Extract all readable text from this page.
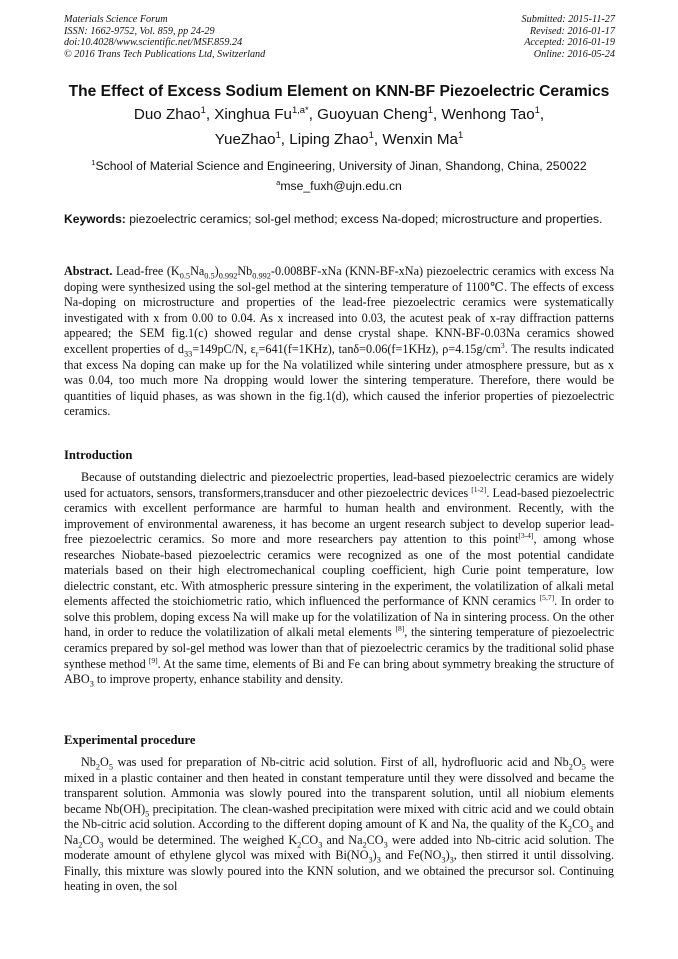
Materials Science Forum
ISSN: 1662-9752, Vol. 859, pp 24-29
doi:10.4028/www.scientific.net/MSF.859.24
© 2016 Trans Tech Publications Ltd, Switzerland
Submitted: 2015-11-27
Revised: 2016-01-17
Accepted: 2016-01-19
Online: 2016-05-24
The Effect of Excess Sodium Element on KNN-BF Piezoelectric Ceramics
Duo Zhao$^1$, Xinghua $Fu^{1,a*}$, Guoyuan Cheng$^1$, Wenhong Tao$^1$,
YueZhao$^1$, Liping Zhao$^1$, Wenxin Ma$^1$
$^1$School of Material Science and Engineering, University of Jinan, Shandong, China, 250022
$^a$mse_fuxh@ujn.edu.cn
Keywords: piezoelectric ceramics; sol-gel method; excess Na-doped; microstructure and properties.
Abstract. Lead-free $(K_{0.5}Na_{0.5})_{0.992}Nb_{0.992}-0.008BF$-xNa (KNN-BF-xNa) piezoelectric ceramics with excess Na doping were synthesized using the sol-gel method at the sintering temperature of 1100℃. The effects of excess Na-doping on microstructure and properties of the lead-free piezoelectric ceramics were systematically investigated with x from 0.00 to 0.04. As x increased into 0.03, the acutest peak of x-ray diffraction patterns appeared; the SEM fig.1(c) showed regular and dense crystal shape. KNN-BF-0.03Na ceramics showed excellent properties of $d_{33}=149pC/N$, $\varepsilon_r=641(f=1KHz)$, tanδ=0.06(f=1KHz), $\rho=4.15g/cm^3$. The results indicated that excess Na doping can make up for the Na volatilized while sintering under atmosphere pressure, but as x was 0.04, too much more Na dropping would lower the sintering temperature. Therefore, there would be quantities of liquid phases, as was shown in the fig.1(d), which caused the inferior properties of piezoelectric ceramics.
Introduction
Because of outstanding dielectric and piezoelectric properties, lead-based piezoelectric ceramics are widely used for actuators, sensors, transformers,transducer and other piezoelectric devices [1-2]. Lead-based piezoelectric ceramics with excellent performance are harmful to human health and environment. Recently, with the improvement of environmental awareness, it has become an urgent research subject to develop superior lead-free piezoelectric ceramics. So more and more researchers pay attention to this point[3-4], among whose researches Niobate-based piezoelectric ceramics were recognized as one of the most potential candidate materials based on their high electromechanical coupling coefficient, high Curie point temperature, low dielectric constant, etc. With atmospheric pressure sintering in the experiment, the volatilization of alkali metal elements affected the stoichiometric ratio, which influenced the performance of KNN ceramics [5,7]. In order to solve this problem, doping excess Na will make up for the volatilization of Na in sintering process. On the other hand, in order to reduce the volatilization of alkali metal elements [8], the sintering temperature of piezoelectric ceramics prepared by sol-gel method was lower than that of piezoelectric ceramics by the traditional solid phase synthese method [9]. At the same time, elements of Bi and Fe can bring about symmetry breaking the structure of $ABO_3$ to improve property, enhance stability and density.
Experimental procedure
$Nb_2O_5$ was used for preparation of Nb-citric acid solution. First of all, hydrofluoric acid and $Nb_2O_5$ were mixed in a plastic container and then heated in constant temperature until they were dissolved and became the transparent solution. Ammonia was slowly poured into the transparent solution, until all niobium elements became $Nb(OH)_5$ precipitation. The clean-washed precipitation were mixed with citric acid and we could obtain the Nb-citric acid solution. According to the different doping amount of K and Na, the quality of the $K_2CO_3$ and $Na_2CO_3$ would be determined. The weighed $K_2CO_3$ and $Na_2CO_3$ were added into Nb-citric acid solution. The moderate amount of ethylene glycol was mixed with $Bi(NO_3)_3$ and $Fe(NO_3)_3$, then stirred it until dissolving. Finally, this mixture was slowly poured into the KNN solution, and we obtained the precursor sol. Continuing heating in oven, the sol
